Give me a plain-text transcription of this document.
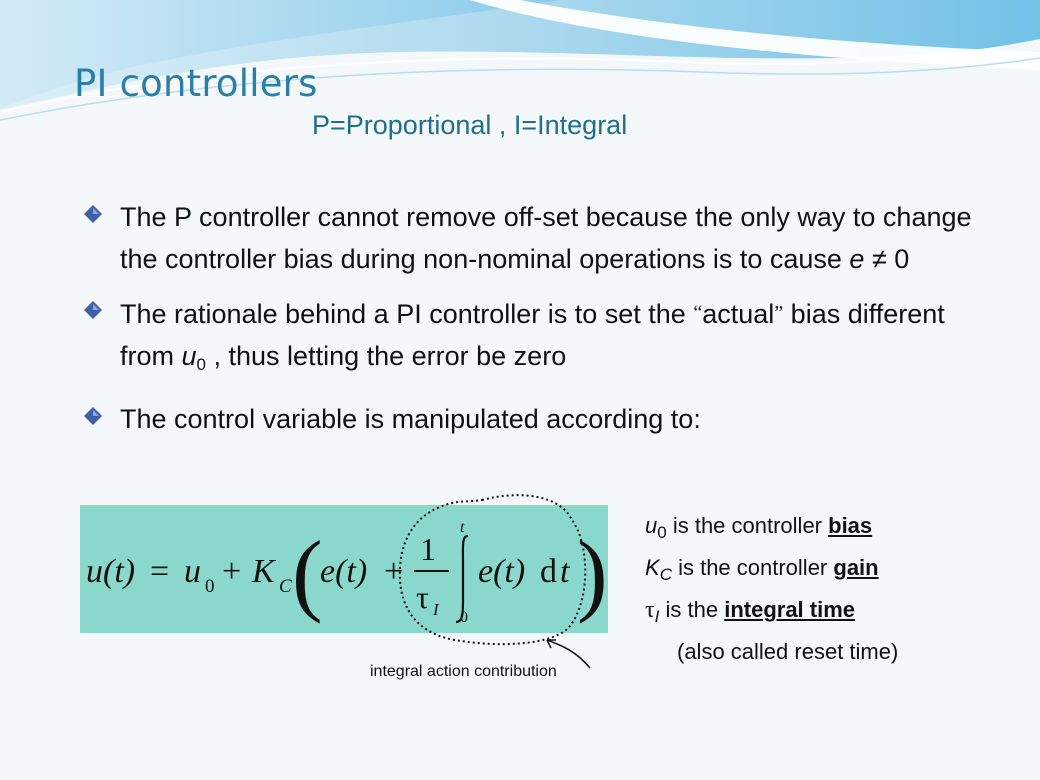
PI controllers
P=Proportional , I=Integral
The P controller cannot remove off-set because the only way to change the controller bias during non-nominal operations is to cause e ≠ 0
The rationale behind a PI controller is to set the “actual” bias different from $u_0$ , thus letting the error be zero
The control variable is manipulated according to:
u(t) = u 0 + K C (
e(t) +
1
τ I
t
0
e(t) d t )
integral action contribution
$u_0$ is the controller bias
$K_C$ is the controller gain
$\tau_I$ is the integral time
(also called reset time)
